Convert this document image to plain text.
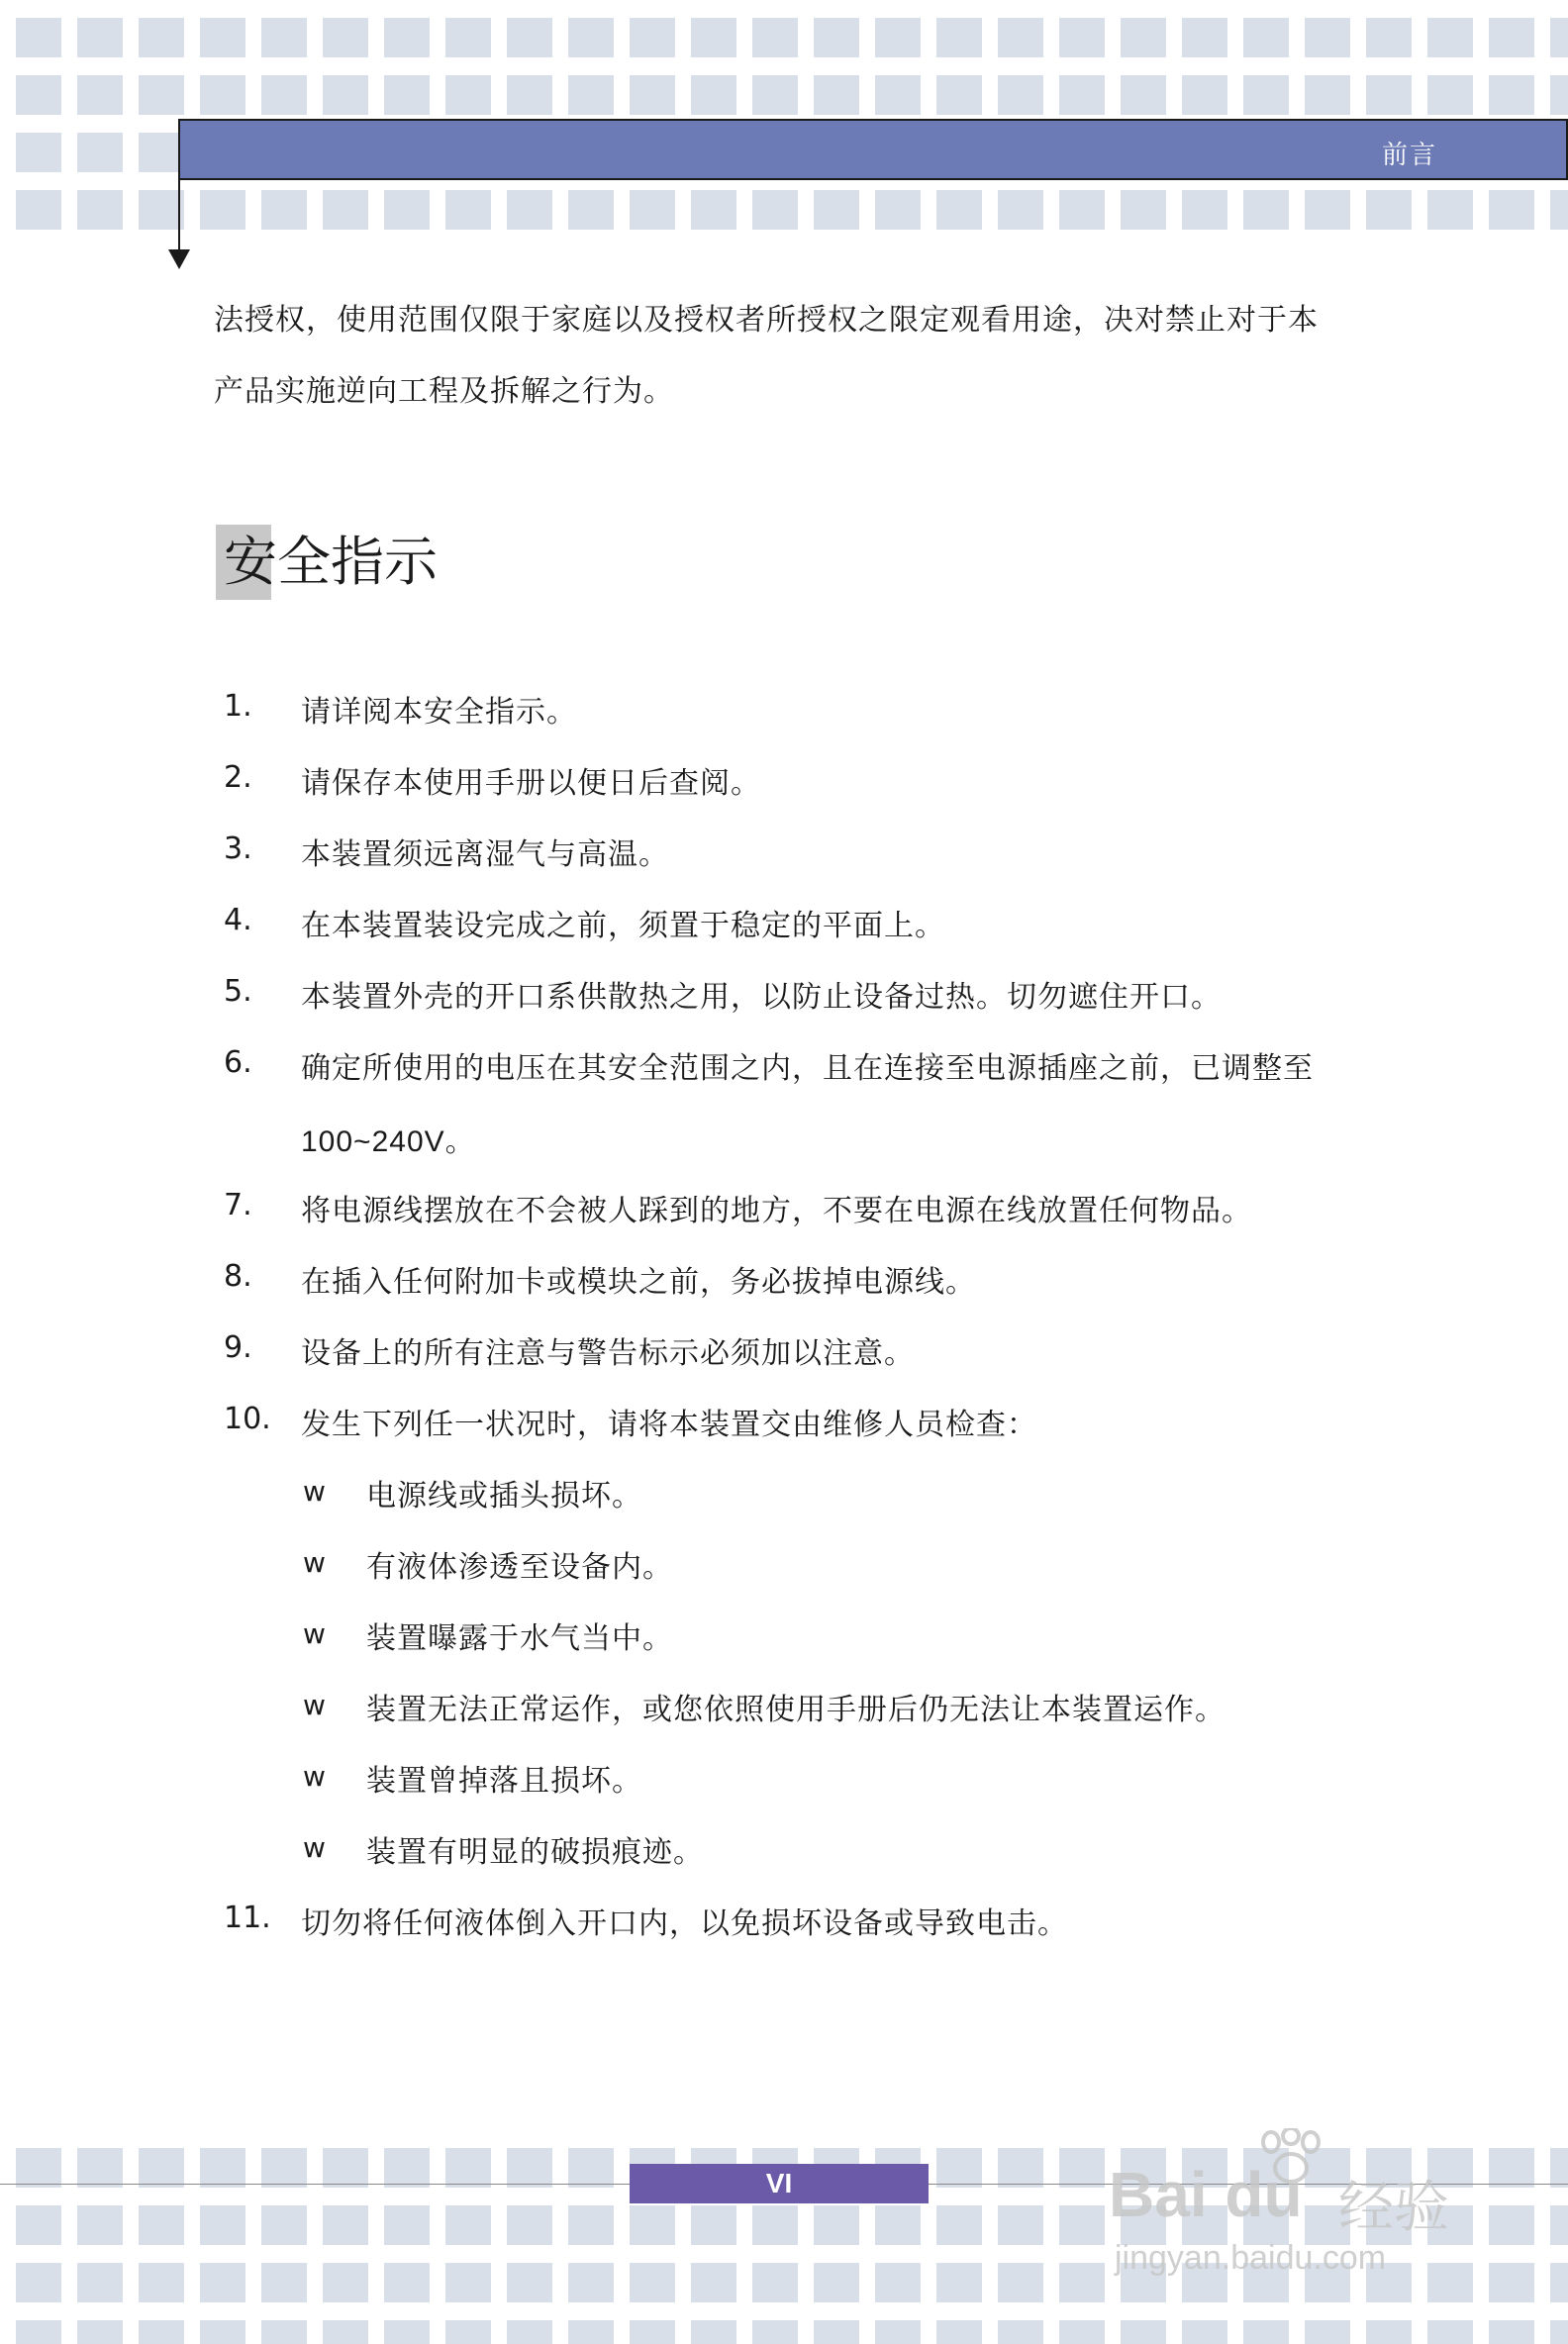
前言
法授权，使用范围仅限于家庭以及授权者所授权之限定观看用途，决对禁止对于本
产品实施逆向工程及拆解之行为。
安全指示
1. 请详阅本安全指示。
2. 请保存本使用手册以便日后查阅。
3. 本装置须远离湿气与高温。
4. 在本装置装设完成之前，须置于稳定的平面上。
5. 本装置外壳的开口系供散热之用，以防止设备过热。切勿遮住开口。
6. 确定所使用的电压在其安全范围之内，且在连接至电源插座之前，已调整至
100~240V。
7. 将电源线摆放在不会被人踩到的地方，不要在电源在线放置任何物品。
8. 在插入任何附加卡或模块之前，务必拔掉电源线。
9. 设备上的所有注意与警告标示必须加以注意。
10. 发生下列任一状况时，请将本装置交由维修人员检查：
w 电源线或插头损坏。
w 有液体渗透至设备内。
w 装置曝露于水气当中。
w 装置无法正常运作，或您依照使用手册后仍无法让本装置运作。
w 装置曾掉落且损坏。
w 装置有明显的破损痕迹。
11. 切勿将任何液体倒入开口内，以免损坏设备或导致电击。
VI	Bai du 经验
jingyan.baidu.com
